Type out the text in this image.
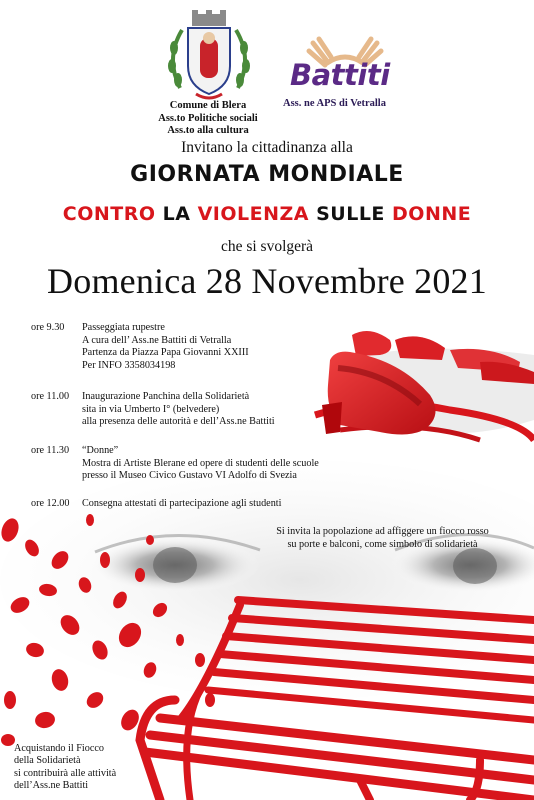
Battiti
Ass. ne APS di Vetralla
Comune di Blera
Ass.to Politiche sociali
Ass.to alla cultura
Invitano la cittadinanza alla
GIORNATA MONDIALE
CONTRO LA VIOLENZA SULLE DONNE
che si svolgerà
Domenica 28 Novembre 2021
ore 9.30 Passeggiata rupestre
A cura dell’ Ass.ne Battiti di Vetralla
Partenza da Piazza Papa Giovanni XXIII
Per INFO 3358034198
ore 11.00 Inaugurazione Panchina della Solidarietà
sita in via Umberto I° (belvedere)
alla presenza delle autorità e dell’Ass.ne Battiti
ore 11.30 “Donne”
Mostra di Artiste Blerane ed opere di studenti delle scuole
presso il Museo Civico Gustavo VI Adolfo di Svezia
ore 12.00 Consegna attestati di partecipazione agli studenti
Si invita la popolazione ad affiggere un fiocco rosso
su porte e balconi, come simbolo di solidarietà
Acquistando il Fiocco
della Solidarietà
si contribuirà alle attività
dell’Ass.ne Battiti
